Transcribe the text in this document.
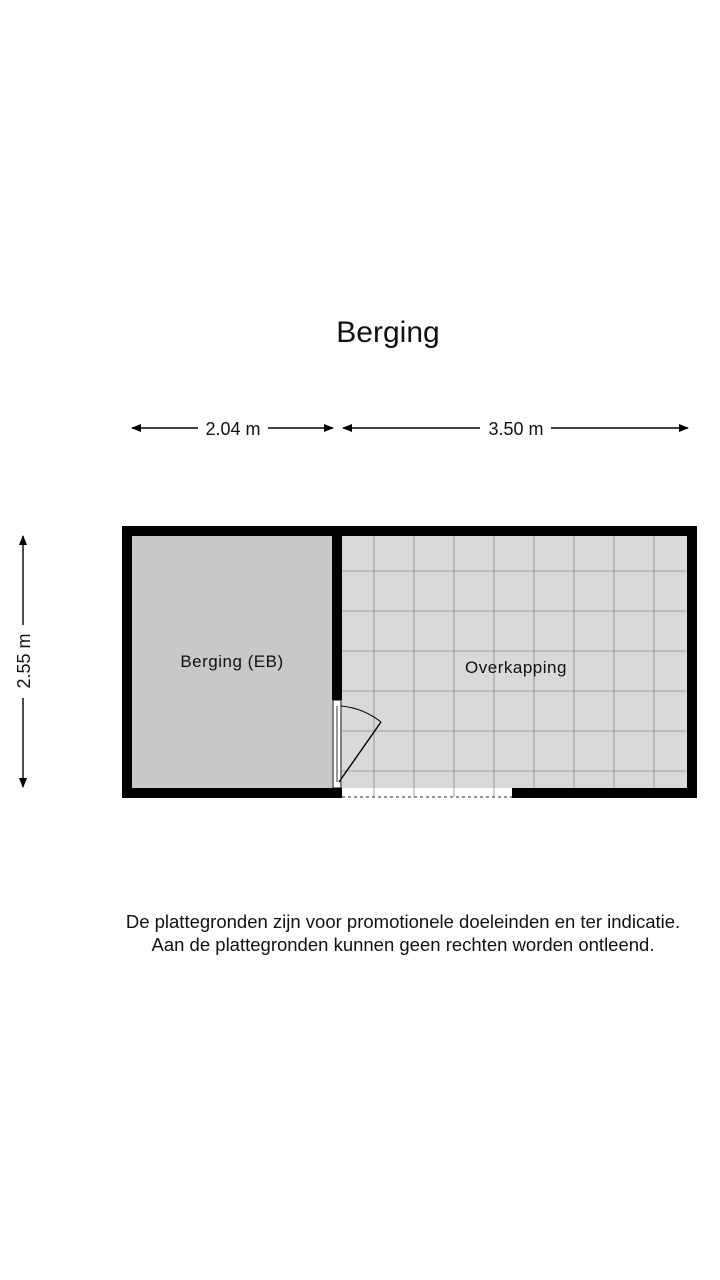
Berging
2.04 m	3.50 m
2.55 m	Berging (EB)	Overkapping
De plattegronden zijn voor promotionele doeleinden en ter indicatie.
Aan de plattegronden kunnen geen rechten worden ontleend.
